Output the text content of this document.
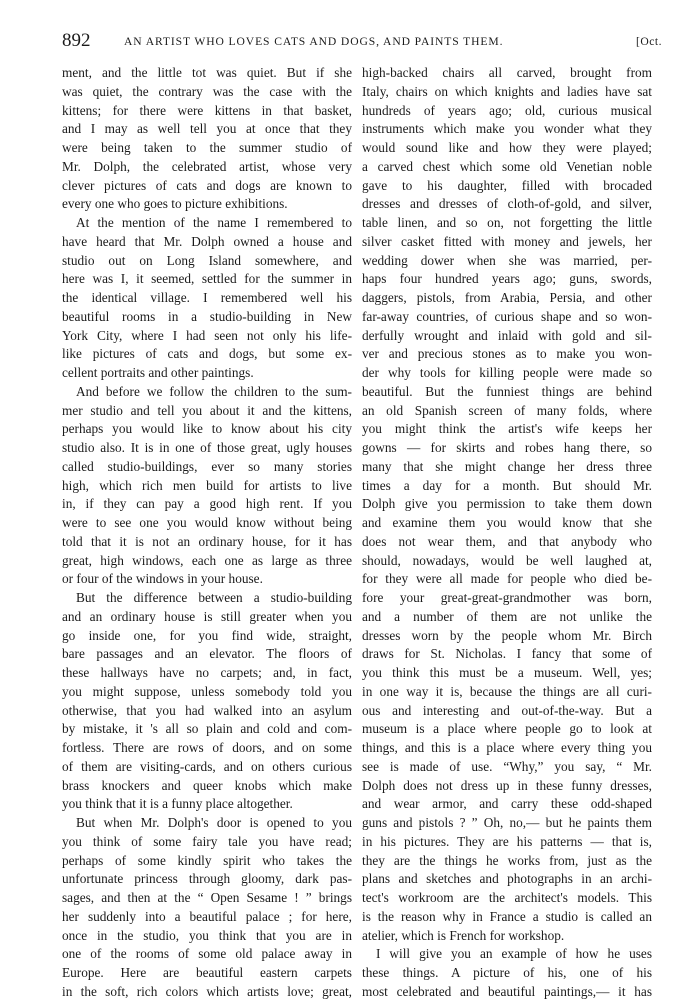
892	AN ARTIST WHO LOVES CATS AND DOGS, AND PAINTS THEM.	[Oct.
ment, and the little tot was quiet. But if she
was quiet, the contrary was the case with the
kittens; for there were kittens in that basket,
and I may as well tell you at once that they
were being taken to the summer studio of
Mr. Dolph, the celebrated artist, whose very
clever pictures of cats and dogs are known to
every one who goes to picture exhibitions.
At the mention of the name I remembered to
have heard that Mr. Dolph owned a house and
studio out on Long Island somewhere, and
here was I, it seemed, settled for the summer in
the identical village. I remembered well his
beautiful rooms in a studio-building in New
York City, where I had seen not only his life-
like pictures of cats and dogs, but some ex-
cellent portraits and other paintings.
And before we follow the children to the sum-
mer studio and tell you about it and the kittens,
perhaps you would like to know about his city
studio also. It is in one of those great, ugly houses
called studio-buildings, ever so many stories
high, which rich men build for artists to live
in, if they can pay a good high rent. If you
were to see one you would know without being
told that it is not an ordinary house, for it has
great, high windows, each one as large as three
or four of the windows in your house.
But the difference between a studio-building
and an ordinary house is still greater when you
go inside one, for you find wide, straight,
bare passages and an elevator. The floors of
these hallways have no carpets; and, in fact,
you might suppose, unless somebody told you
otherwise, that you had walked into an asylum
by mistake, it 's all so plain and cold and com-
fortless. There are rows of doors, and on some
of them are visiting-cards, and on others curious
brass knockers and queer knobs which make
you think that it is a funny place altogether.
But when Mr. Dolph's door is opened to you
you think of some fairy tale you have read;
perhaps of some kindly spirit who takes the
unfortunate princess through gloomy, dark pas-
sages, and then at the “ Open Sesame ! ” brings
her suddenly into a beautiful palace ; for here,
once in the studio, you think that you are in
one of the rooms of some old palace away in
Europe. Here are beautiful eastern carpets
in the soft, rich colors which artists love; great,
high-backed chairs all carved, brought from
Italy, chairs on which knights and ladies have sat
hundreds of years ago; old, curious musical
instruments which make you wonder what they
would sound like and how they were played;
a carved chest which some old Venetian noble
gave to his daughter, filled with brocaded
dresses and dresses of cloth-of-gold, and silver,
table linen, and so on, not forgetting the little
silver casket fitted with money and jewels, her
wedding dower when she was married, per-
haps four hundred years ago; guns, swords,
daggers, pistols, from Arabia, Persia, and other
far-away countries, of curious shape and so won-
derfully wrought and inlaid with gold and sil-
ver and precious stones as to make you won-
der why tools for killing people were made so
beautiful. But the funniest things are behind
an old Spanish screen of many folds, where
you might think the artist's wife keeps her
gowns — for skirts and robes hang there, so
many that she might change her dress three
times a day for a month. But should Mr.
Dolph give you permission to take them down
and examine them you would know that she
does not wear them, and that anybody who
should, nowadays, would be well laughed at,
for they were all made for people who died be-
fore your great-great-grandmother was born,
and a number of them are not unlike the
dresses worn by the people whom Mr. Birch
draws for St. Nicholas. I fancy that some of
you think this must be a museum. Well, yes;
in one way it is, because the things are all curi-
ous and interesting and out-of-the-way. But a
museum is a place where people go to look at
things, and this is a place where every thing you
see is made of use. “Why,” you say, “ Mr.
Dolph does not dress up in these funny dresses,
and wear armor, and carry these odd-shaped
guns and pistols ? ” Oh, no,— but he paints them
in his pictures. They are his patterns — that is,
they are the things he works from, just as the
plans and sketches and photographs in an archi-
tect's workroom are the architect's models. This
is the reason why in France a studio is called an
atelier, which is French for workshop.
I will give you an example of how he uses
these things. A picture of his, one of his
most celebrated and beautiful paintings,— it has
